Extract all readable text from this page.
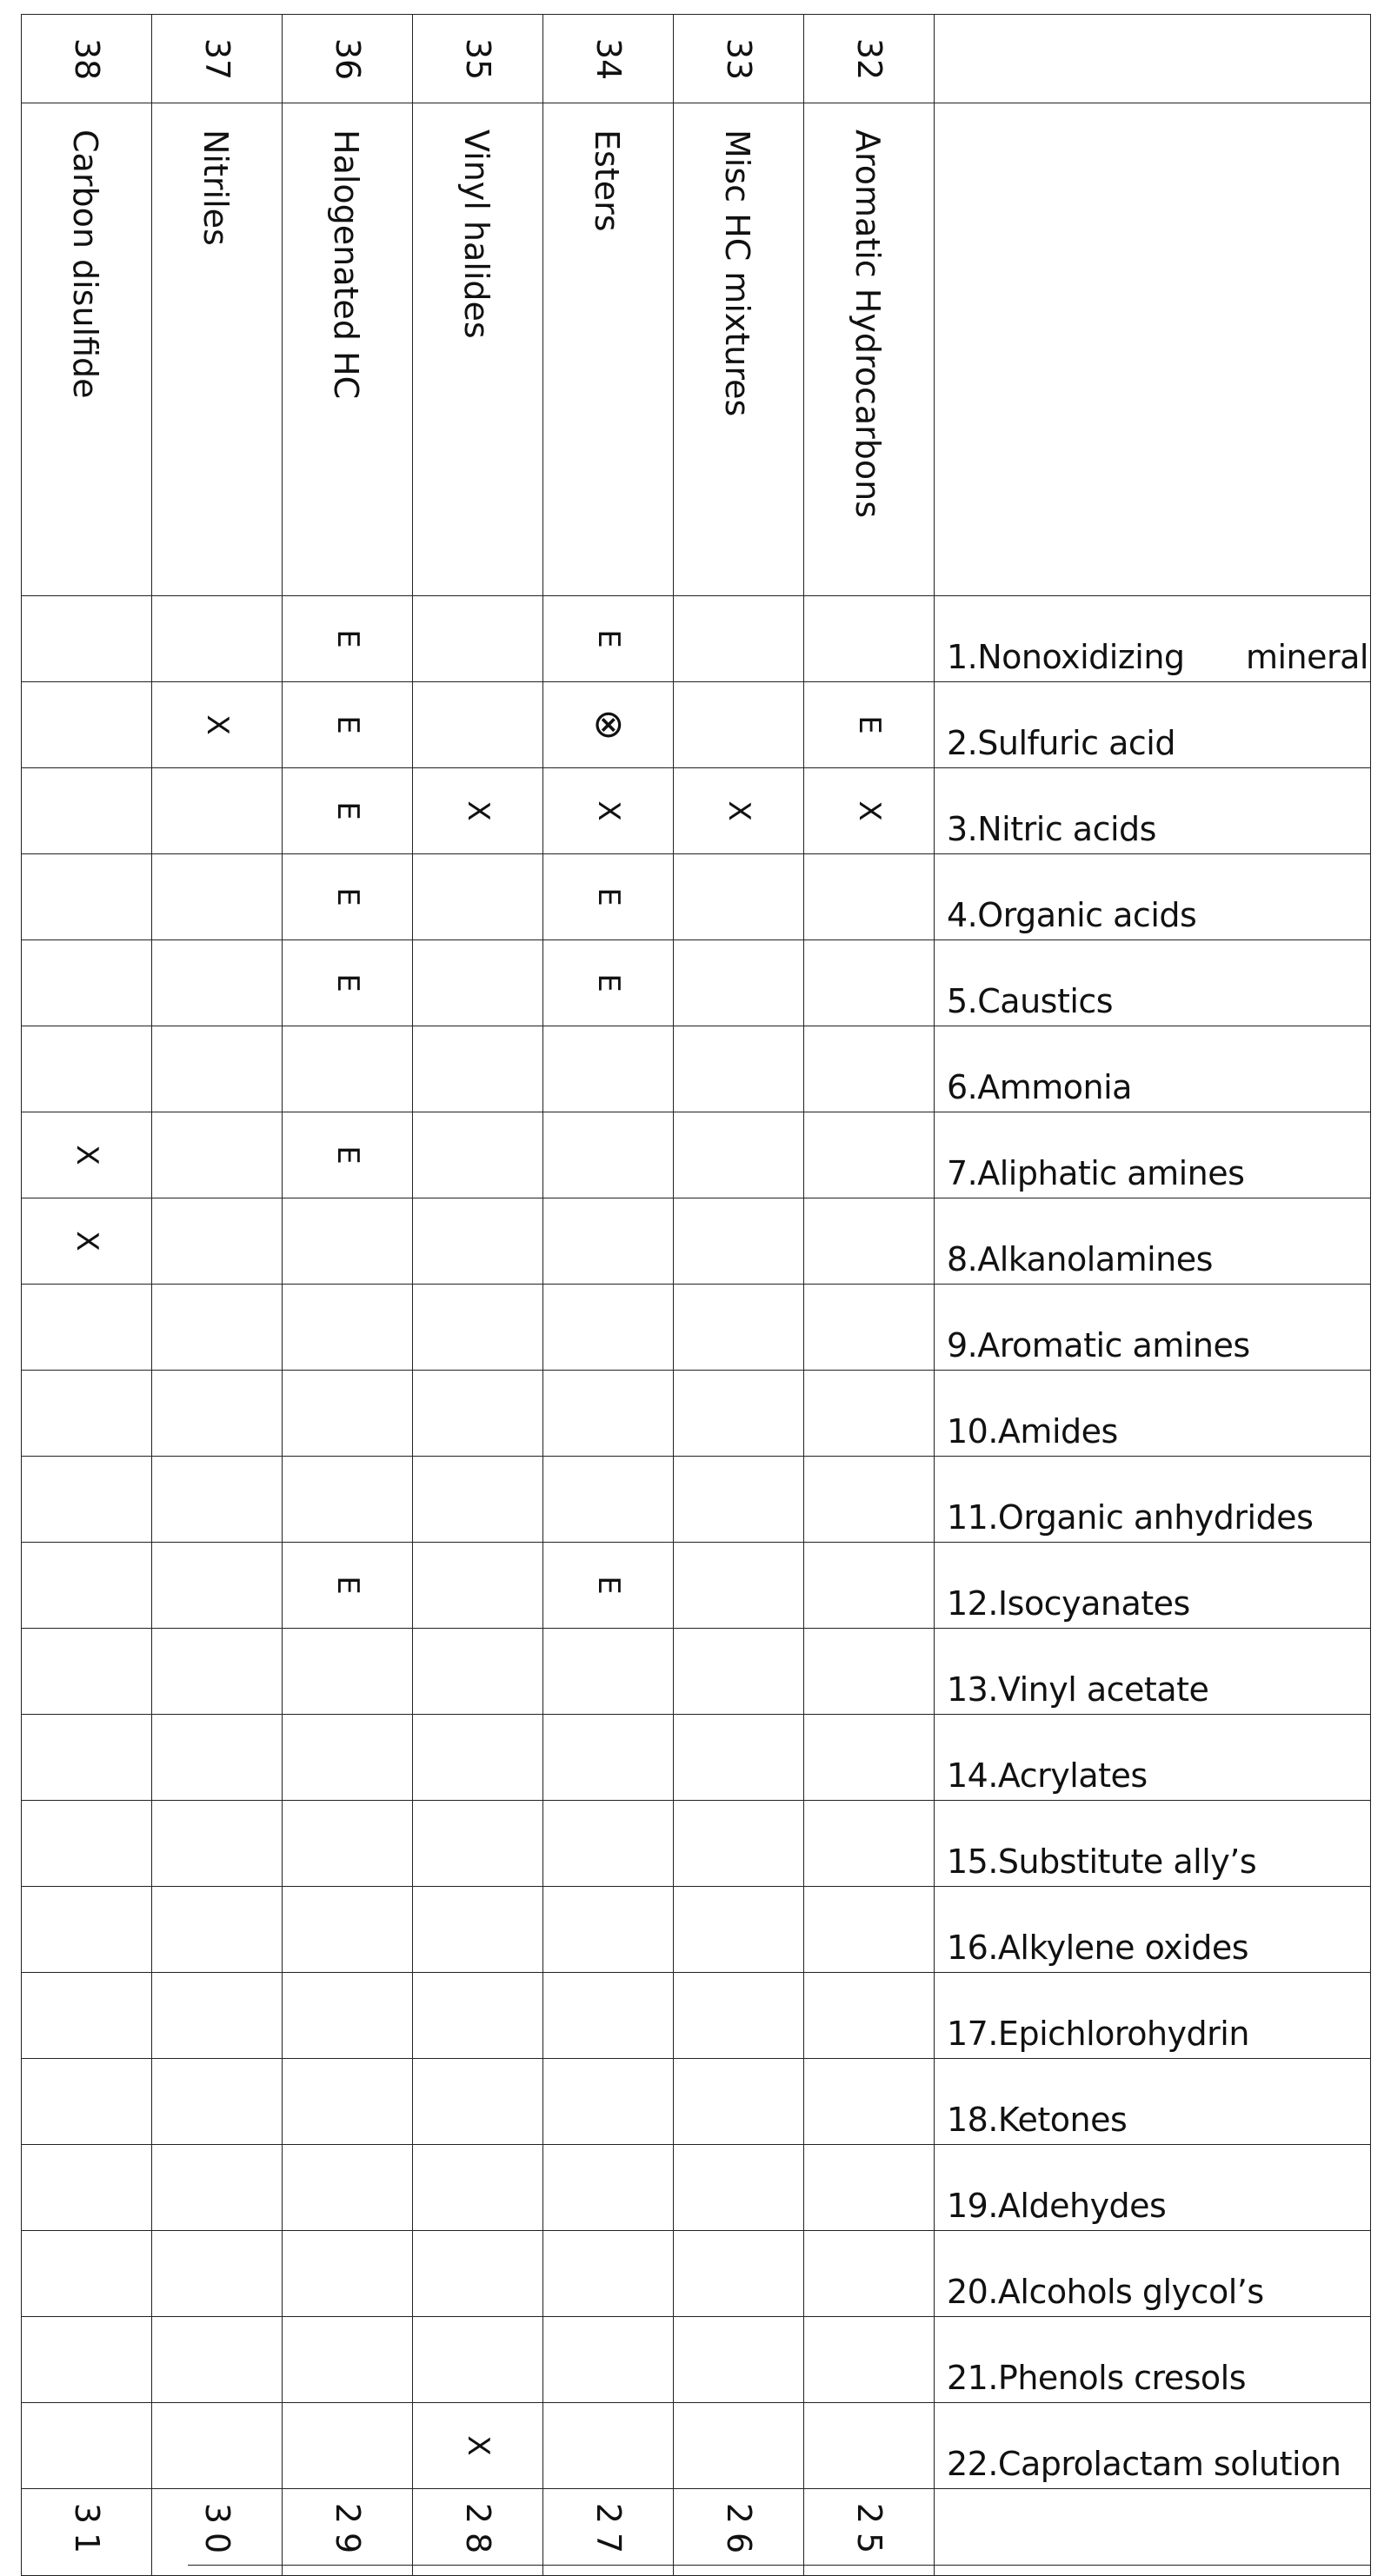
38	37	36	35	34	33	32	

Carbon disulfide	Nitriles	Halogenated HC	Vinyl halides	Esters	Misc HC mixtures	Aromatic Hydrocarbons	

		E		E			1.Nonoxidizing mineral

	X	E		⊗		E	2.Sulfuric acid

		E	X	X	X	X	3.Nitric acids

		E		E			4.Organic acids

		E		E			5.Caustics

							6.Ammonia

X		E					7.Aliphatic amines

X							8.Alkanolamines

							9.Aromatic amines

							10.Amides

							11.Organic anhydrides

		E		E			12.Isocyanates

							13.Vinyl acetate

							14.Acrylates

							15.Substitute ally’s

							16.Alkylene oxides

							17.Epichlorohydrin

							18.Ketones

							19.Aldehydes

							20.Alcohols glycol’s

							21.Phenols cresols

			X				22.Caprolactam solution

31	30	29	28	27	26	25	
